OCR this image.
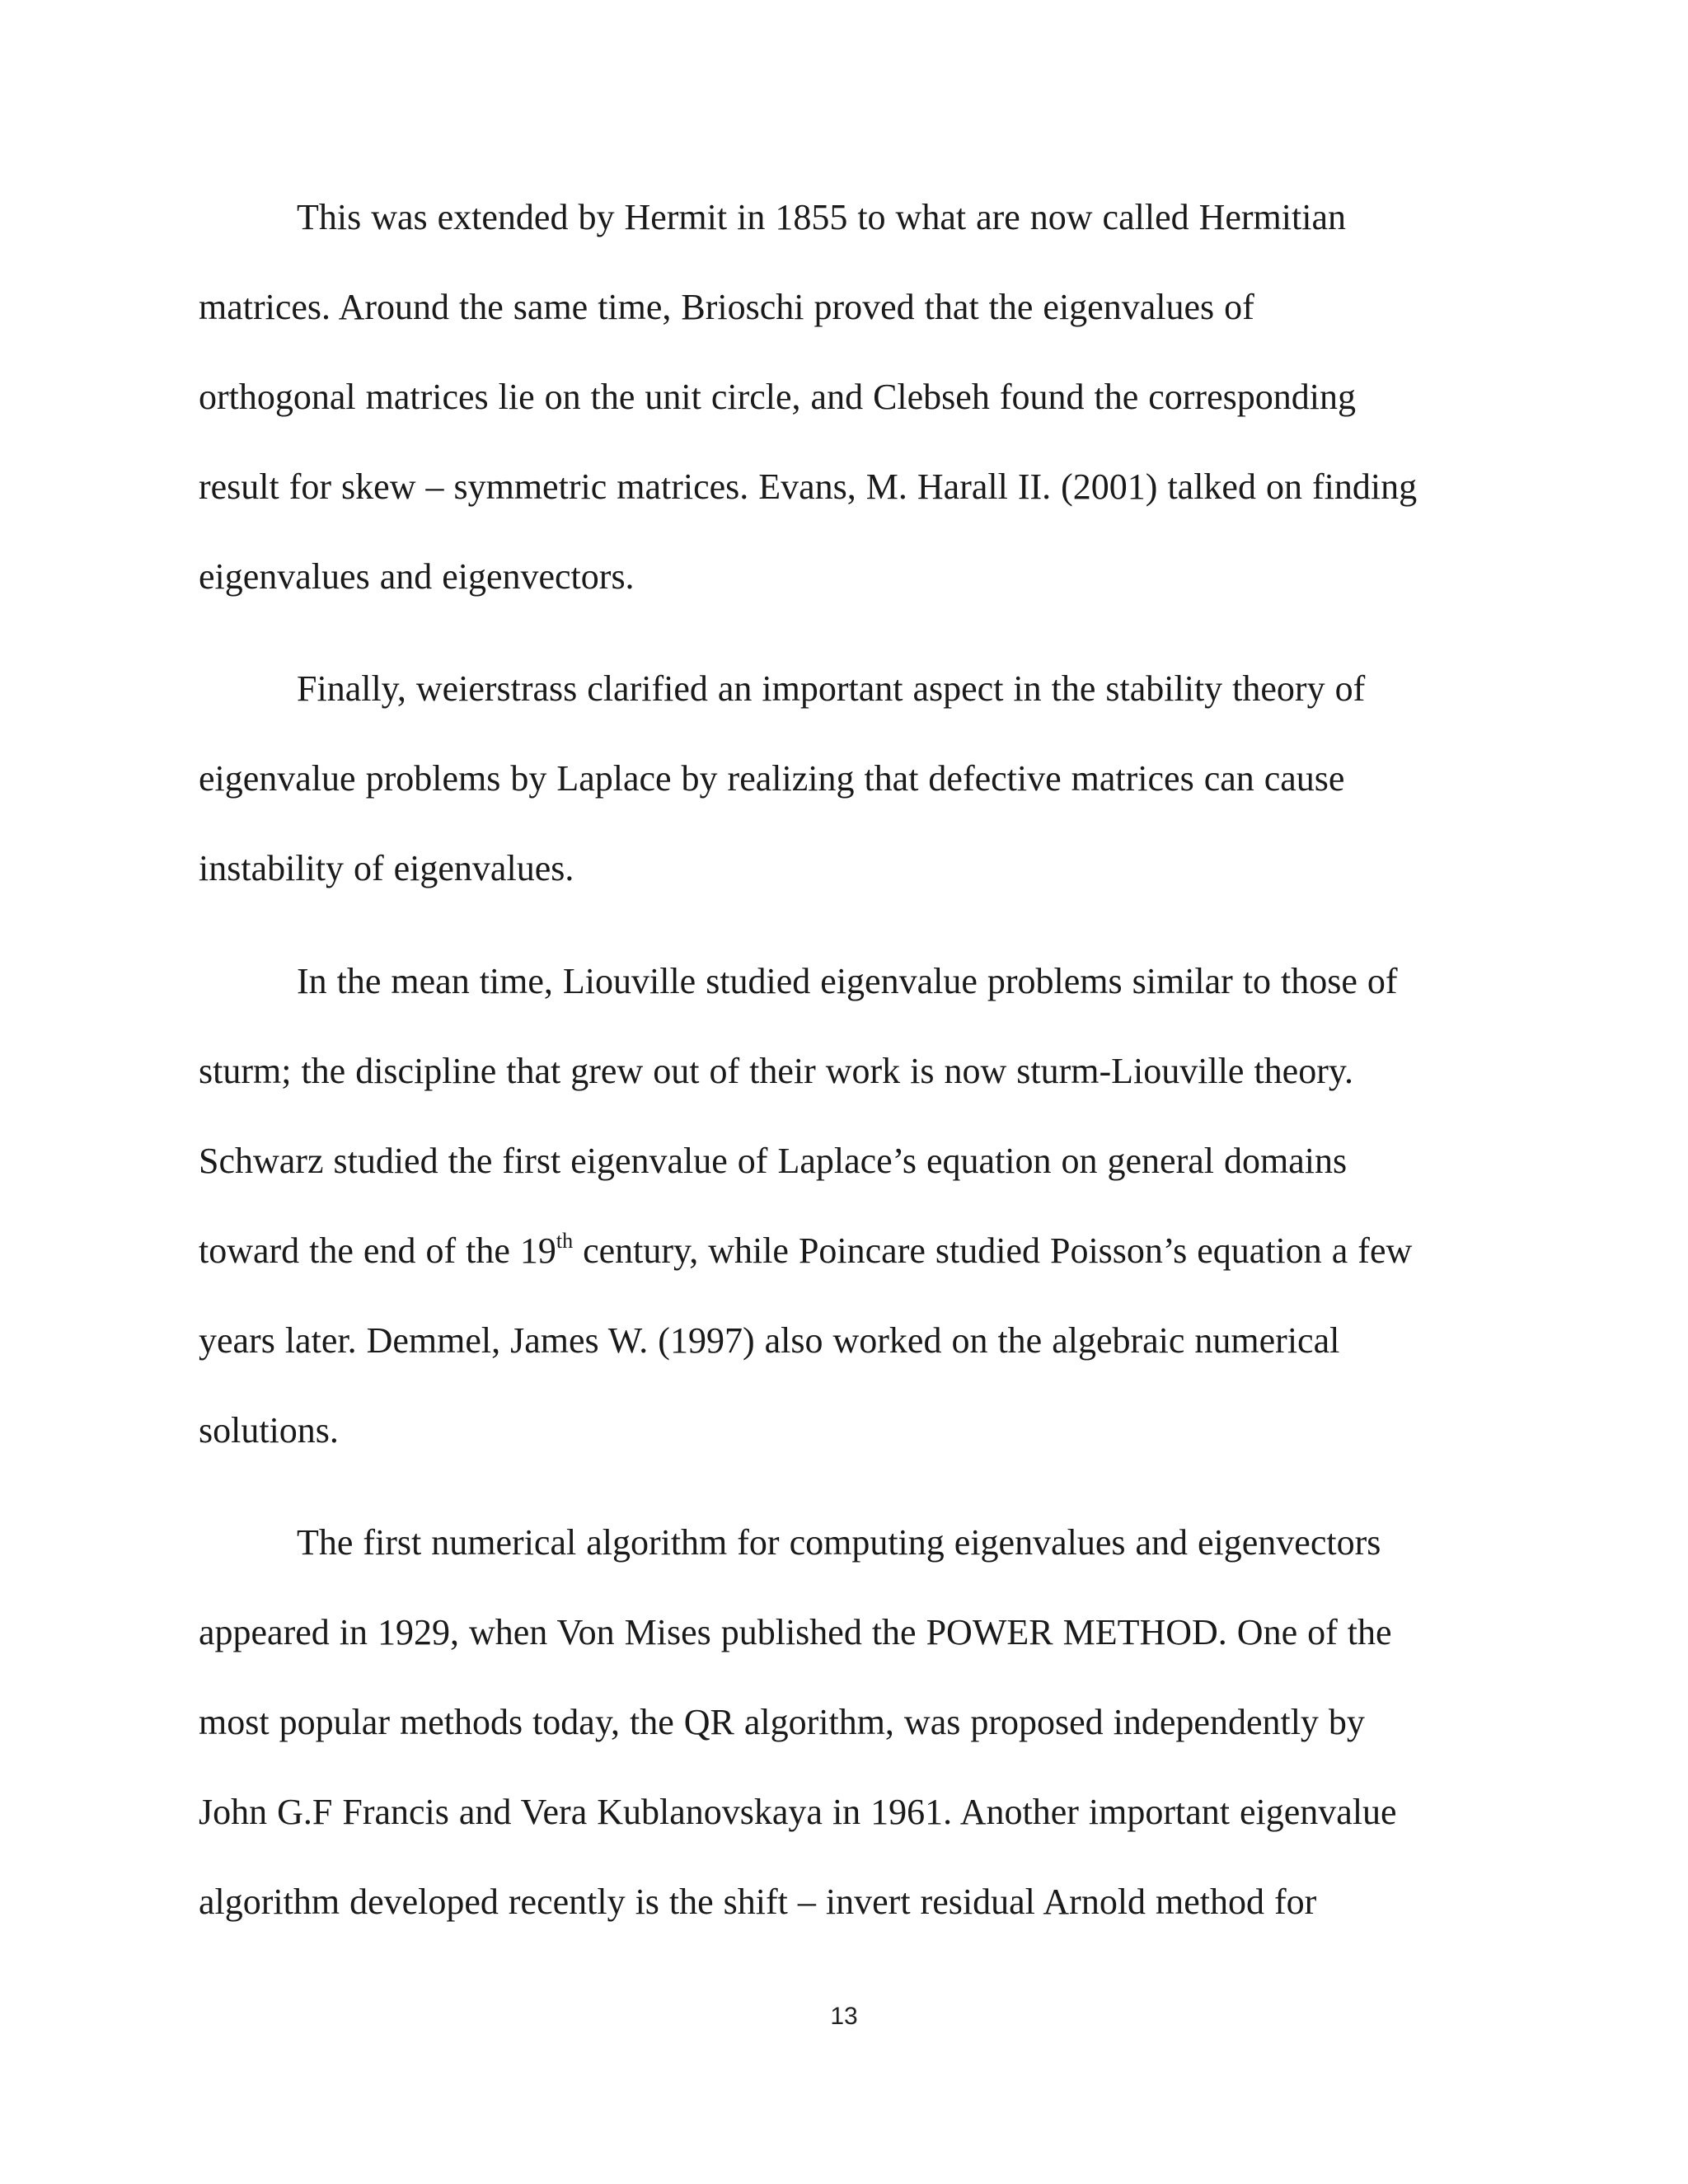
This was extended by Hermit in 1855 to what are now called Hermitian
matrices. Around the same time, Brioschi proved that the eigenvalues of
orthogonal matrices lie on the unit circle, and Clebseh found the corresponding
result for skew – symmetric matrices. Evans, M. Harall II. (2001) talked on finding
eigenvalues and eigenvectors.
Finally, weierstrass clarified an important aspect in the stability theory of
eigenvalue problems by Laplace by realizing that defective matrices can cause
instability of eigenvalues.
In the mean time, Liouville studied eigenvalue problems similar to those of
sturm; the discipline that grew out of their work is now sturm-Liouville theory.
Schwarz studied the first eigenvalue of Laplace’s equation on general domains
toward the end of the 19th century, while Poincare studied Poisson’s equation a few
years later. Demmel, James W. (1997) also worked on the algebraic numerical
solutions.
The first numerical algorithm for computing eigenvalues and eigenvectors
appeared in 1929, when Von Mises published the POWER METHOD. One of the
most popular methods today, the QR algorithm, was proposed independently by
John G.F Francis and Vera Kublanovskaya in 1961. Another important eigenvalue
algorithm developed recently is the shift – invert residual Arnold method for
13
